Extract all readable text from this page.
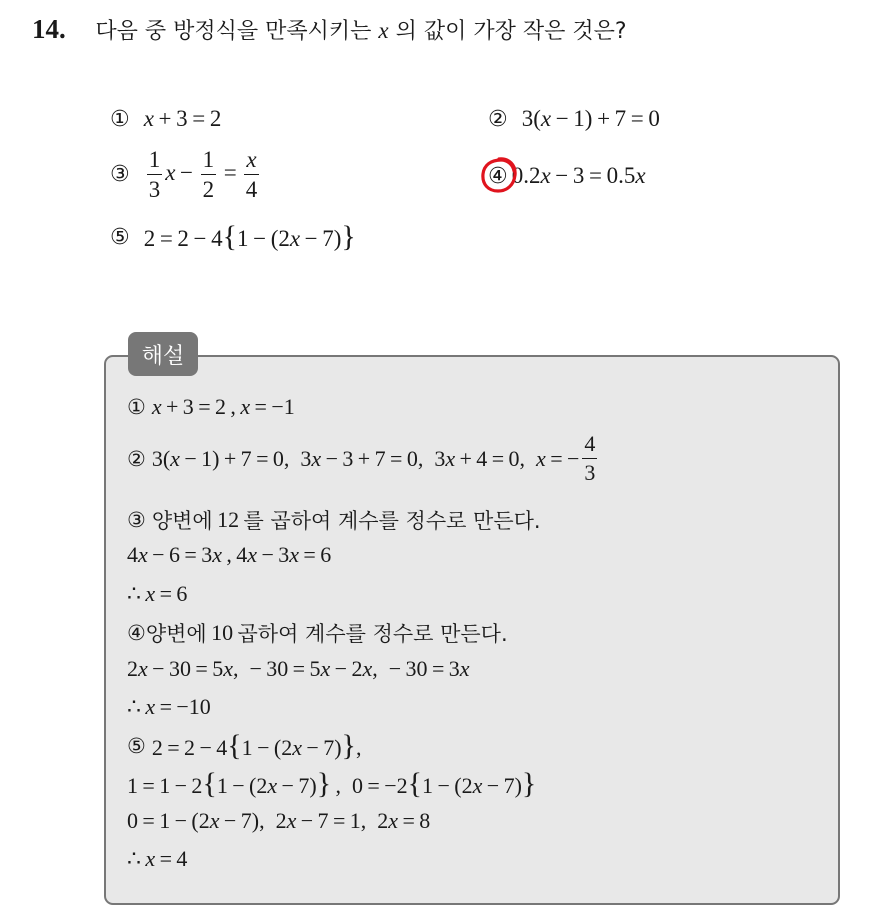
14. 다음 중 방정식을 만족시키는 x 의 값이 가장 작은 것은?
① x + 3 = 2	② 3(x − 1) + 7 = 0
③ $\frac{1}{3}$ $x - \frac{1}{2} = \frac{x}{4}$	④ 0.2x − 3 = 0.5x
⑤ 2 = 2 − 4{1 − (2x − 7)}
해설
① x + 3 = 2 , x = −1
② 3(x − 1) + 7 = 0, 3x − 3 + 7 = 0, 3x + 4 = 0, x = − $\frac{4}{3}$
③ 양변에  12  를 곱하여 계수를 정수로 만든다.
4x − 6 = 3x , 4x − 3x = 6
∴ x = 6
④ 양변에  10  곱하여 계수를 정수로 만든다.
2x − 30 = 5x, − 30 = 5x − 2x, − 30 = 3x
∴ x = −10
⑤ 2 = 2 − 4{1 − (2x − 7)},
1 = 1 − 2{1 − (2x − 7)} , 0 = −2{1 − (2x − 7)}
0 = 1 − (2x − 7), 2x − 7 = 1, 2x = 8
∴ x = 4
